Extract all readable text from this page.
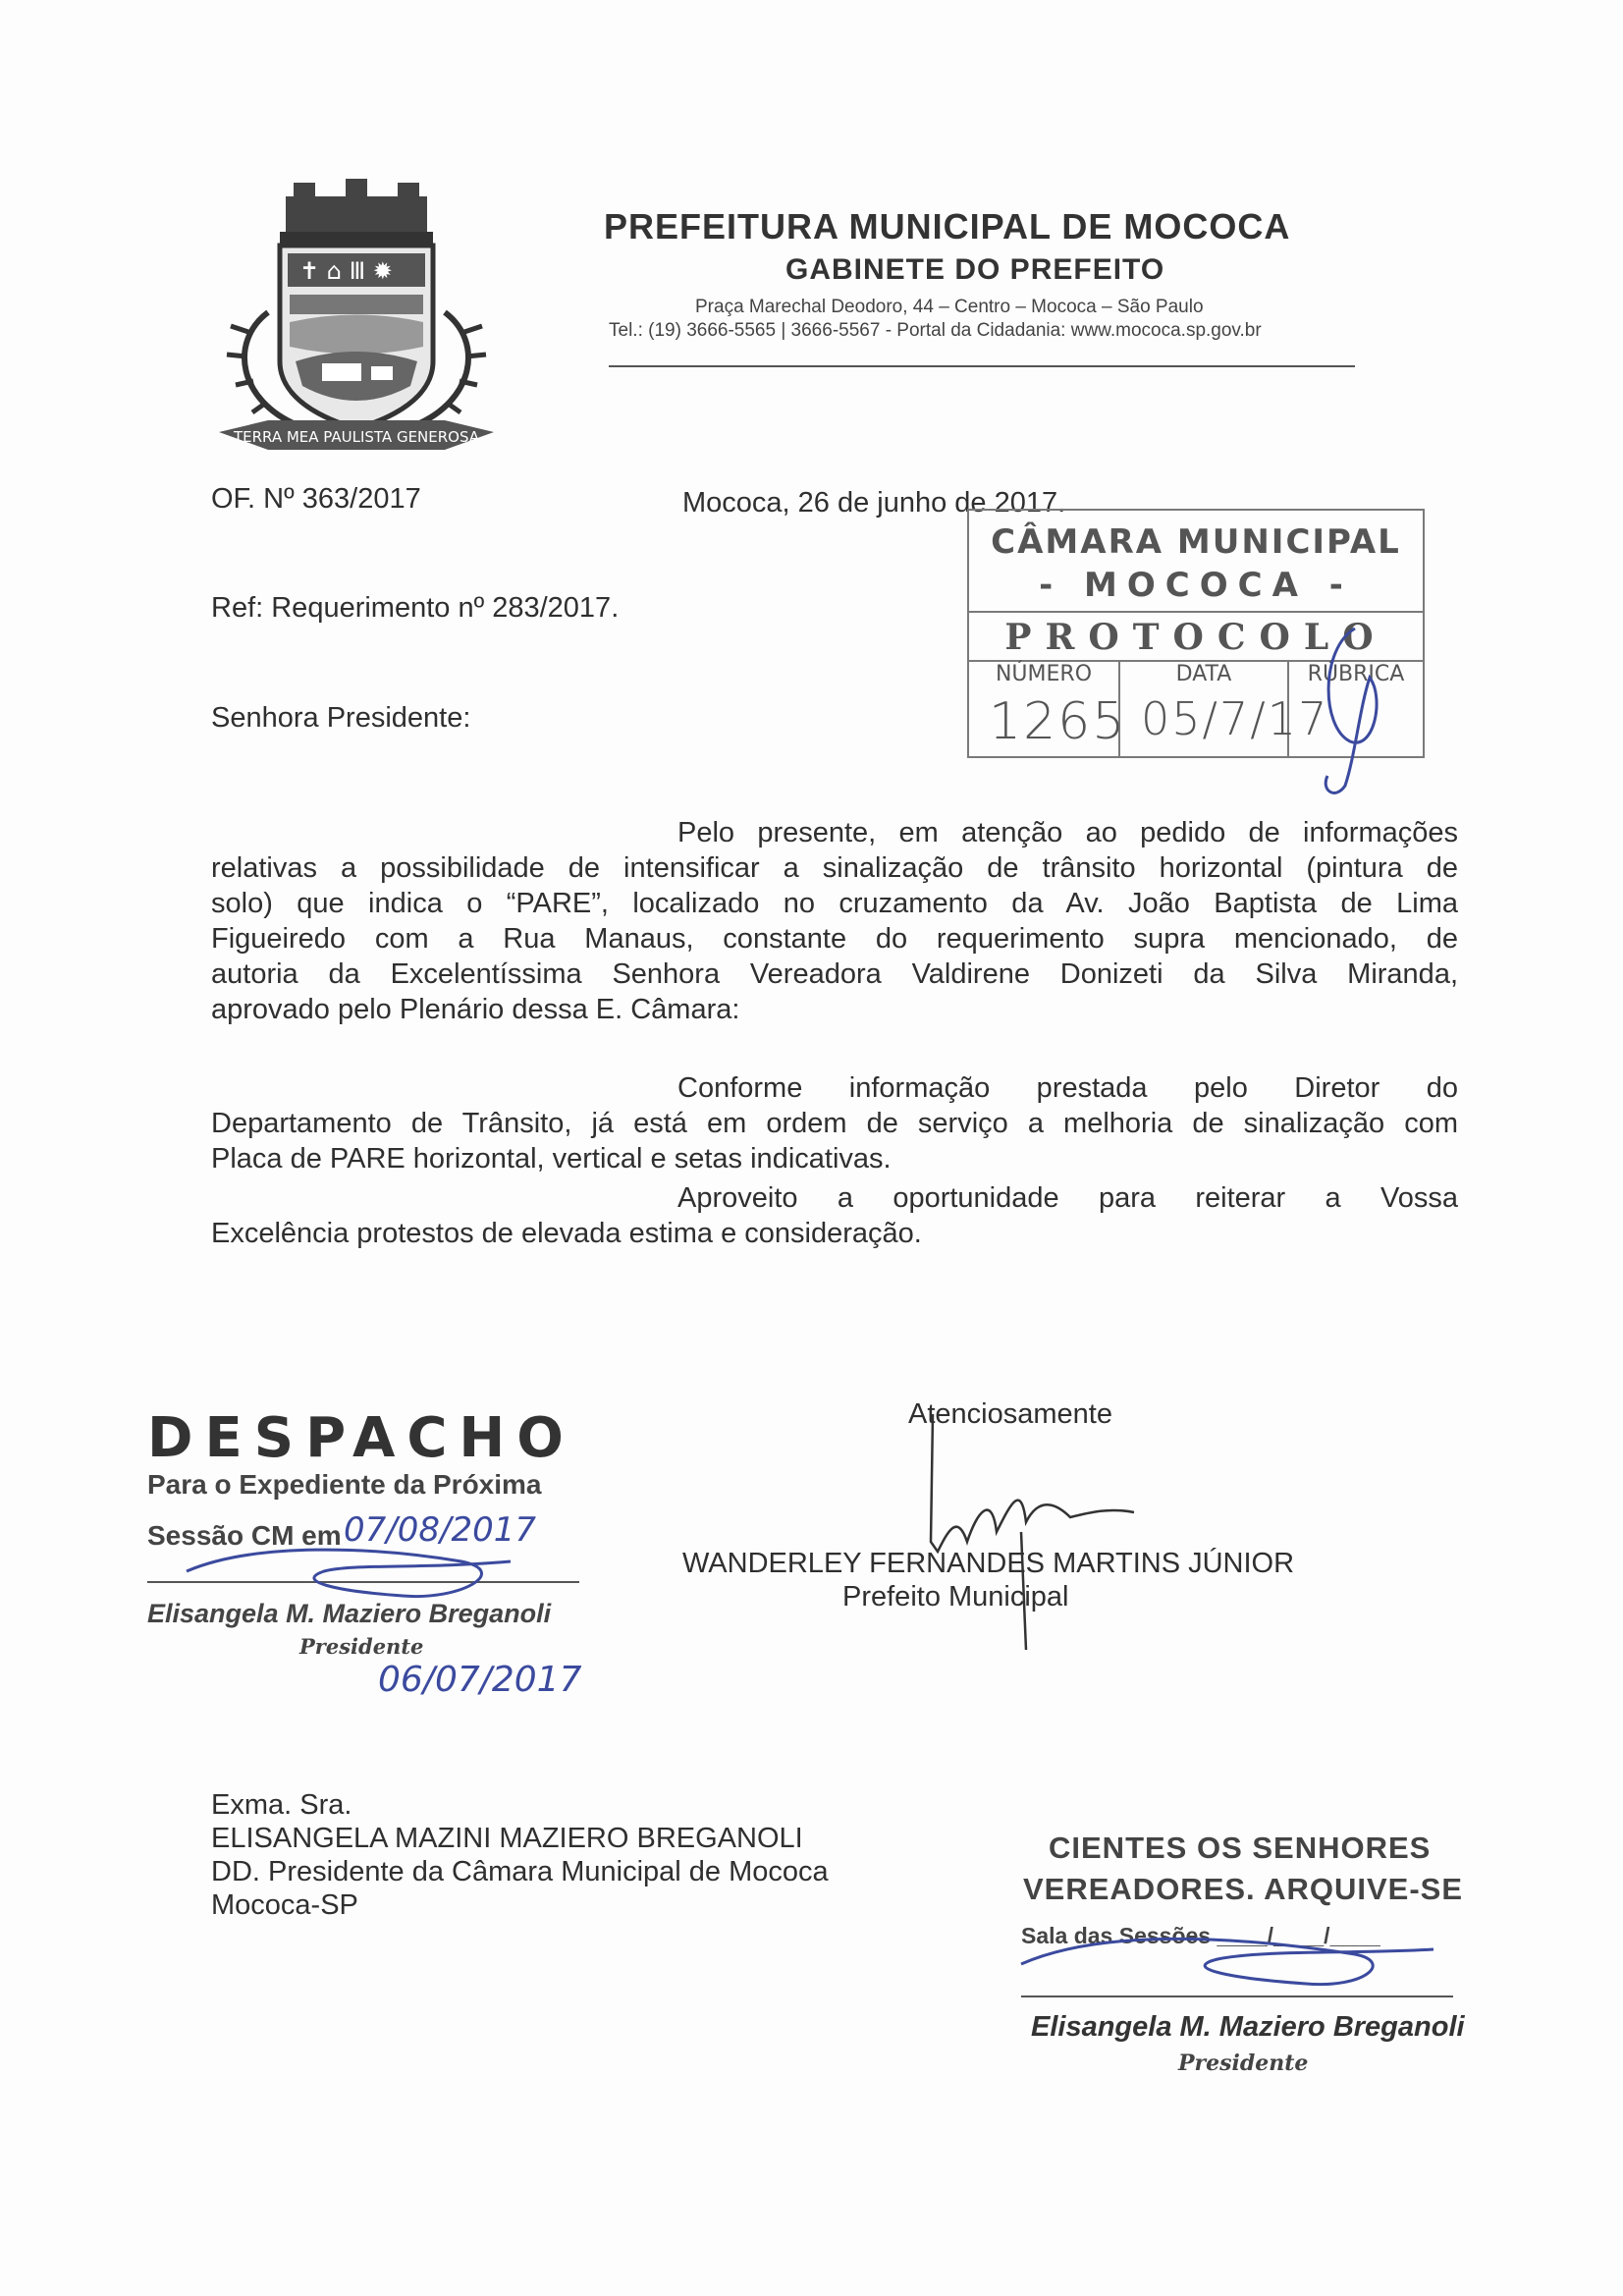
✝ ⌂ Ⅲ ✹
TERRA MEA PAULISTA GENEROSA
PREFEITURA MUNICIPAL DE MOCOCA
GABINETE DO PREFEITO
Praça Marechal Deodoro, 44 – Centro – Mococa – São Paulo
Tel.: (19) 3666-5565 | 3666-5567 - Portal da Cidadania: www.mococa.sp.gov.br
OF. Nº 363/2017	Mococa, 26 de junho de 2017.
Ref: Requerimento nº 283/2017.
Senhora Presidente:
CÂMARA MUNICIPAL
- MOCOCA -
PROTOCOLO
NÚMERO	DATA	RÚBRICA
1265 05/7/17
Pelo presente, em atenção ao pedido de informações
relativas a possibilidade de intensificar a sinalização de trânsito horizontal (pintura de
solo) que indica o “PARE”, localizado no cruzamento da Av. João Baptista de Lima
Figueiredo com a Rua Manaus, constante do requerimento supra mencionado, de
autoria da Excelentíssima Senhora Vereadora Valdirene Donizeti da Silva Miranda,
aprovado pelo Plenário dessa E. Câmara:
Conforme informação prestada pelo Diretor do
Departamento de Trânsito, já está em ordem de serviço a melhoria de sinalização com
Placa de PARE horizontal, vertical e setas indicativas.
Aproveito a oportunidade para reiterar a Vossa
Excelência protestos de elevada estima e consideração.
Atenciosamente
WANDERLEY FERNANDES MARTINS JÚNIOR
Prefeito Municipal
DESPACHO
Para o Expediente da Próxima
Sessão CM em 07/08/2017
Elisangela M. Maziero Breganoli
Presidente
06/07/2017
Exma. Sra.
ELISANGELA MAZINI MAZIERO BREGANOLI
DD. Presidente da Câmara Municipal de Mococa
Mococa-SP
CIENTES OS SENHORES
VEREADORES. ARQUIVE-SE
Sala das Sessões ____/____/____
Elisangela M. Maziero Breganoli
Presidente
